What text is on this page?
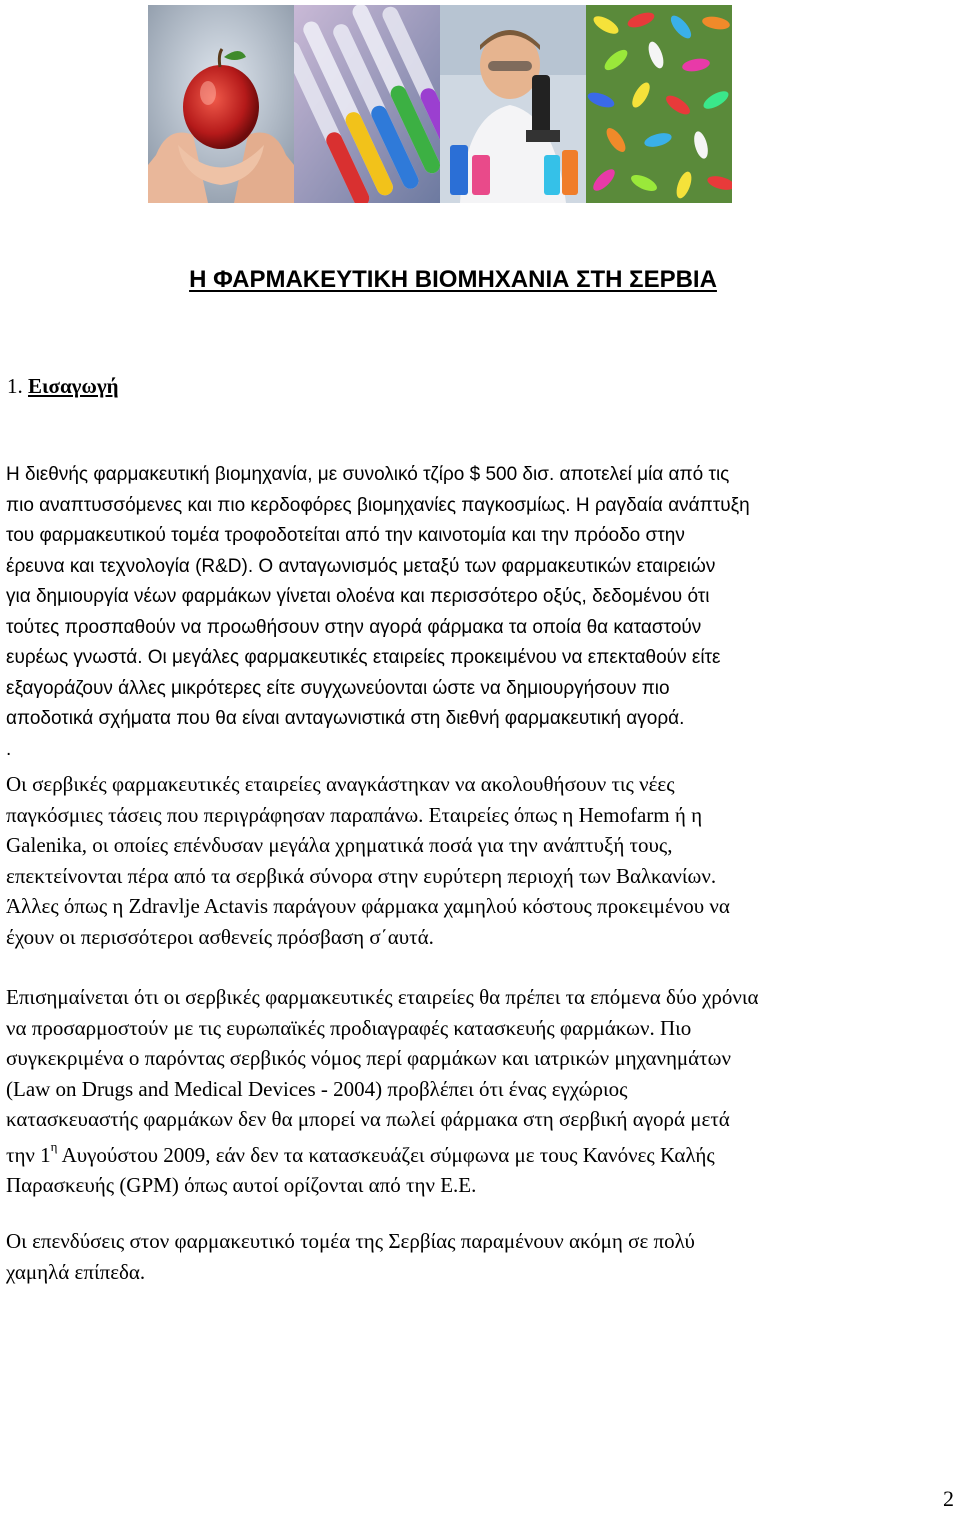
Η ΦΑΡΜΑΚΕΥΤΙΚΗ ΒΙΟΜΗΧΑΝΙΑ ΣΤΗ ΣΕΡΒΙΑ
1. Εισαγωγή

Η διεθνής φαρμακευτική βιομηχανία, με συνολικό τζίρο $ 500 δισ. αποτελεί μία από τις

πιο αναπτυσσόμενες και πιο κερδοφόρες βιομηχανίες παγκοσμίως. Η ραγδαία ανάπτυξη

του φαρμακευτικού τομέα τροφοδοτείται από την καινοτομία και την πρόοδο στην

έρευνα και τεχνολογία (R&D). Ο ανταγωνισμός μεταξύ των φαρμακευτικών εταιρειών

για δημιουργία νέων φαρμάκων γίνεται ολοένα και περισσότερο οξύς, δεδομένου ότι

τούτες προσπαθούν να προωθήσουν στην αγορά φάρμακα τα οποία θα καταστούν

ευρέως γνωστά. Οι μεγάλες φαρμακευτικές εταιρείες προκειμένου να επεκταθούν είτε

εξαγοράζουν άλλες μικρότερες είτε συγχωνεύονται ώστε να δημιουργήσουν πιο

αποδοτικά σχήματα που θα είναι ανταγωνιστικά στη διεθνή φαρμακευτική αγορά.

.

Οι σερβικές φαρμακευτικές εταιρείες αναγκάστηκαν να ακολουθήσουν τις νέες

παγκόσμιες τάσεις που περιγράφησαν παραπάνω. Εταιρείες όπως η Hemofarm ή η

Galenika, οι οποίες επένδυσαν μεγάλα χρηματικά ποσά για την ανάπτυξή τους,

επεκτείνονται πέρα από τα σερβικά σύνορα στην ευρύτερη περιοχή των Βαλκανίων.

Άλλες όπως η Zdravlje Actavis παράγουν φάρμακα χαμηλού κόστους προκειμένου να

έχουν οι περισσότεροι ασθενείς πρόσβαση σ΄αυτά.

Επισημαίνεται ότι οι σερβικές φαρμακευτικές εταιρείες θα πρέπει τα επόμενα δύο χρόνια

να προσαρμοστούν με τις ευρωπαϊκές προδιαγραφές κατασκευής φαρμάκων. Πιο

συγκεκριμένα ο παρόντας σερβικός νόμος περί φαρμάκων και ιατρικών μηχανημάτων

(Law on Drugs and Medical Devices - 2004) προβλέπει ότι ένας εγχώριος

κατασκευαστής φαρμάκων δεν θα μπορεί να πωλεί φάρμακα στη σερβική αγορά μετά

την $1^\eta$ Αυγούστου 2009, εάν δεν τα κατασκευάζει σύμφωνα με τους Κανόνες Καλής

Παρασκευής (GPM) όπως αυτοί ορίζονται από την Ε.Ε.

Οι επενδύσεις στον φαρμακευτικό τομέα της Σερβίας παραμένουν ακόμη σε πολύ

χαμηλά επίπεδα.

2
